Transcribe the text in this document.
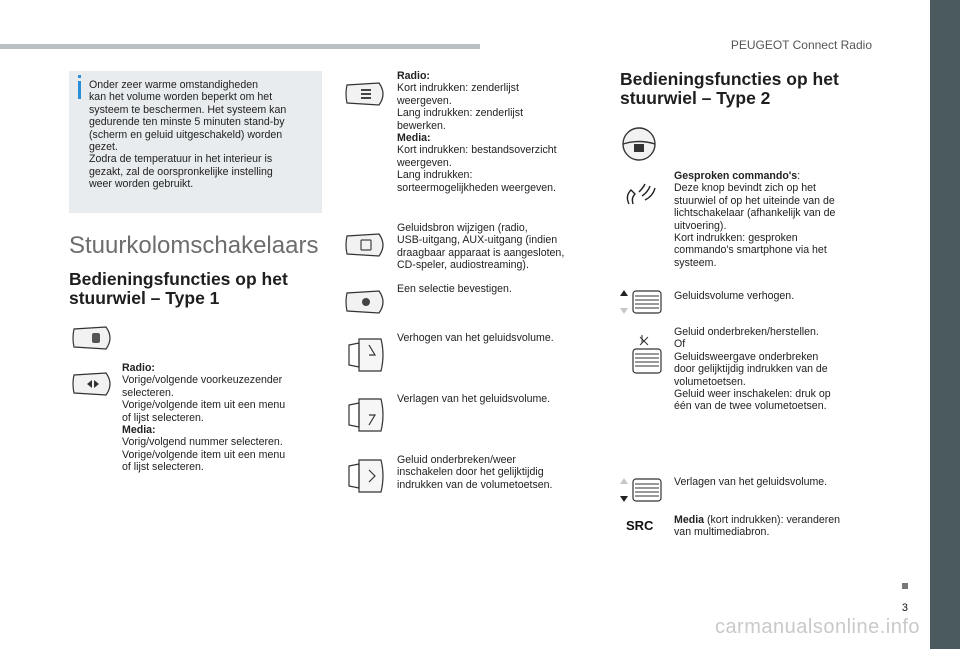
PEUGEOT Connect Radio
3
carmanualsonline.info
Onder zeer warme omstandigheden
kan het volume worden beperkt om het
systeem te beschermen. Het systeem kan
gedurende ten minste 5 minuten stand-by
(scherm en geluid uitgeschakeld) worden
gezet.
Zodra de temperatuur in het interieur is
gezakt, zal de oorspronkelijke instelling
weer worden gebruikt.
Stuurkolomschakelaars
Bedieningsfuncties op het
stuurwiel – Type 1
Radio:
Vorige/volgende voorkeuzezender
selecteren.
Vorige/volgende item uit een menu
of lijst selecteren.
Media:
Vorig/volgend nummer selecteren.
Vorige/volgende item uit een menu
of lijst selecteren.
Radio:
Kort indrukken: zenderlijst
weergeven.
Lang indrukken: zenderlijst
bewerken.
Media:
Kort indrukken: bestandsoverzicht
weergeven.
Lang indrukken:
sorteermogelijkheden weergeven.
Geluidsbron wijzigen (radio,
USB-uitgang, AUX-uitgang (indien
draagbaar apparaat is aangesloten,
CD-speler, audiostreaming).
Een selectie bevestigen.
Verhogen van het geluidsvolume.
Verlagen van het geluidsvolume.
Geluid onderbreken/weer
inschakelen door het gelijktijdig
indrukken van de volumetoetsen.
Bedieningsfuncties op het
stuurwiel – Type 2
Gesproken commando's:
Deze knop bevindt zich op het
stuurwiel of op het uiteinde van de
lichtschakelaar (afhankelijk van de
uitvoering).
Kort indrukken: gesproken
commando's smartphone via het
systeem.
Geluidsvolume verhogen.
Geluid onderbreken/herstellen.
Of
Geluidsweergave onderbreken
door gelijktijdig indrukken van de
volumetoetsen.
Geluid weer inschakelen: druk op
één van de twee volumetoetsen.
Verlagen van het geluidsvolume.
SRC Media (kort indrukken): veranderen
van multimediabron.
